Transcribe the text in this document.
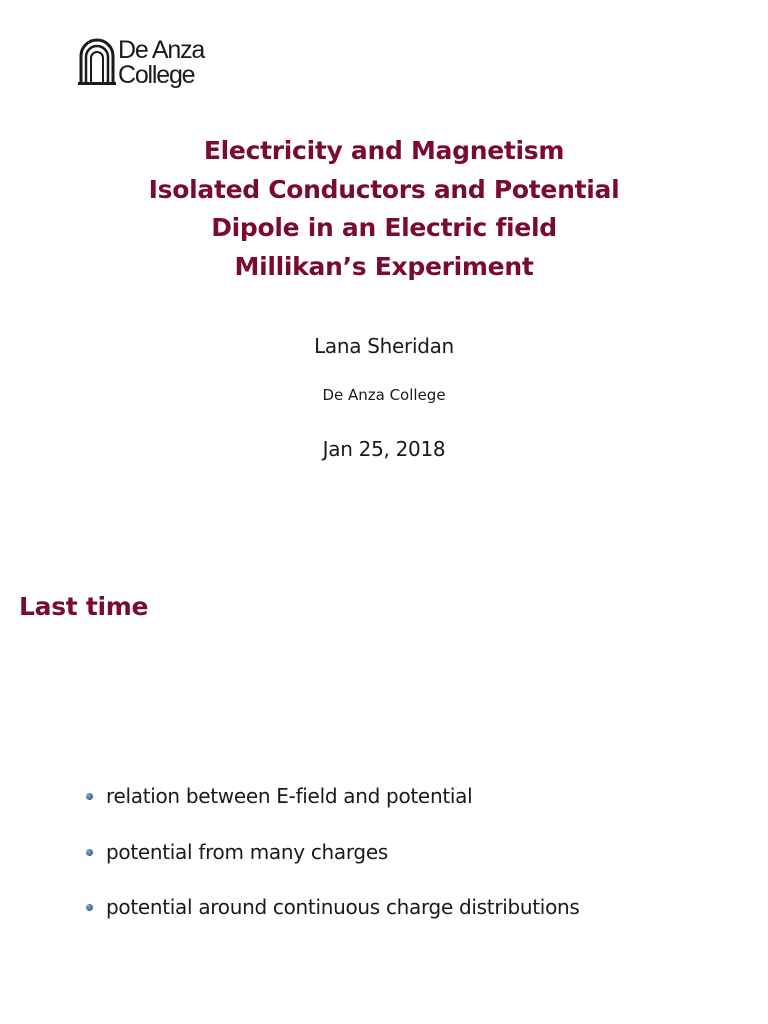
De Anza
College
Electricity and Magnetism
Isolated Conductors and Potential
Dipole in an Electric field
Millikan’s Experiment
Lana Sheridan
De Anza College
Jan 25, 2018
Last time
relation between E-field and potential
potential from many charges
potential around continuous charge distributions
